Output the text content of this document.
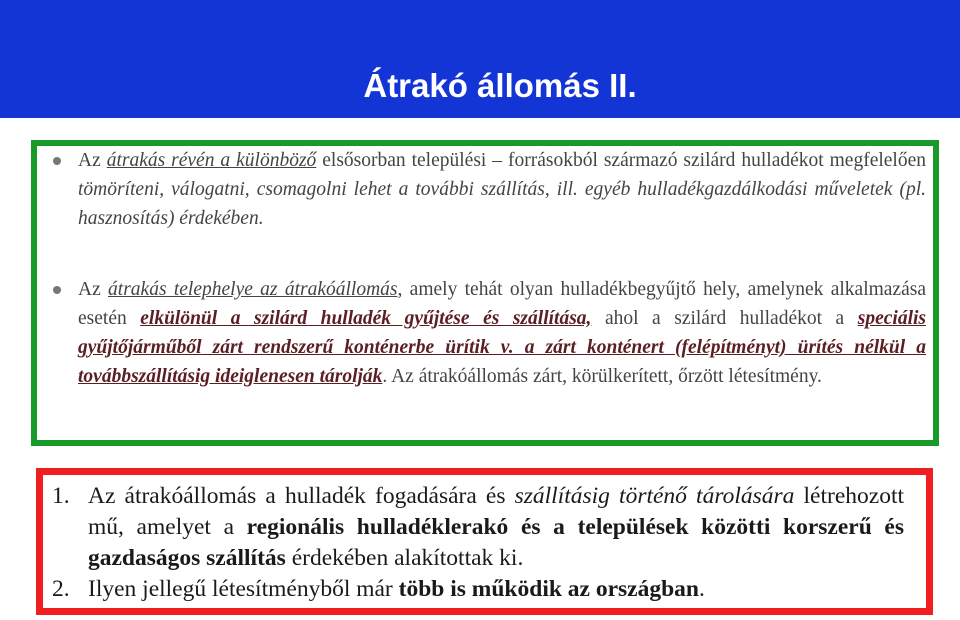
Átrakó állomás II.
Az átrakás révén a különböző elsősorban települési – forrásokból származó szilárd hulladékot megfelelően tömöríteni, válogatni, csomagolni lehet a további szállítás, ill. egyéb hulladékgazdálkodási műveletek (pl. hasznosítás) érdekében.
Az átrakás telephelye az átrakóállomás, amely tehát olyan hulladékbegyűjtő hely, amelynek alkalmazása esetén elkülönül a szilárd hulladék gyűjtése és szállítása, ahol a szilárd hulladékot a speciális gyűjtőjárműből zárt rendszerű konténerbe ürítik v. a zárt konténert (felépítményt) ürítés nélkül a továbbszállításig ideiglenesen tárolják. Az átrakóállomás zárt, körülkerített, őrzött létesítmény.
1. Az átrakóállomás a hulladék fogadására és szállításig történő tárolására létrehozott mű, amelyet a regionális hulladéklerakó és a települések közötti korszerű és gazdaságos szállítás érdekében alakítottak ki.
2. Ilyen jellegű létesítményből már több is működik az országban.
